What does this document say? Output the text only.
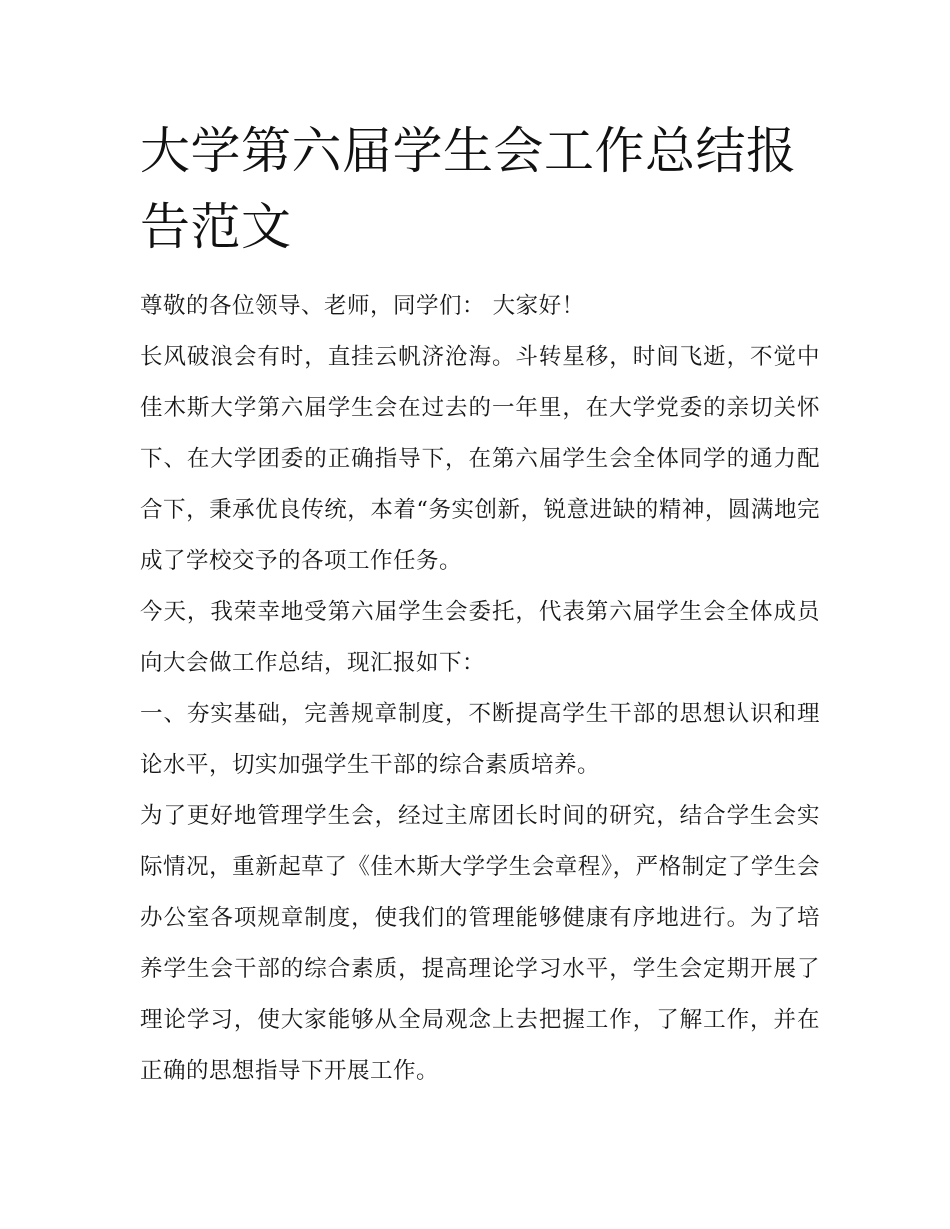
大学第六届学生会工作总结报告范文

尊敬的各位领导、老师，同学们： 大家好！

长风破浪会有时，直挂云帆济沧海。斗转星移，时间飞逝，不觉中佳木斯大学第六届学生会在过去的一年里，在大学党委的亲切关怀下、在大学团委的正确指导下，在第六届学生会全体同学的通力配合下，秉承优良传统，本着“务实创新，锐意进缺的精神，圆满地完成了学校交予的各项工作任务。

今天，我荣幸地受第六届学生会委托，代表第六届学生会全体成员向大会做工作总结，现汇报如下：

一、夯实基础，完善规章制度，不断提高学生干部的思想认识和理论水平，切实加强学生干部的综合素质培养。

为了更好地管理学生会，经过主席团长时间的研究，结合学生会实际情况，重新起草了《佳木斯大学学生会章程》，严格制定了学生会办公室各项规章制度，使我们的管理能够健康有序地进行。为了培养学生会干部的综合素质，提高理论学习水平，学生会定期开展了理论学习，使大家能够从全局观念上去把握工作，了解工作，并在正确的思想指导下开展工作。
